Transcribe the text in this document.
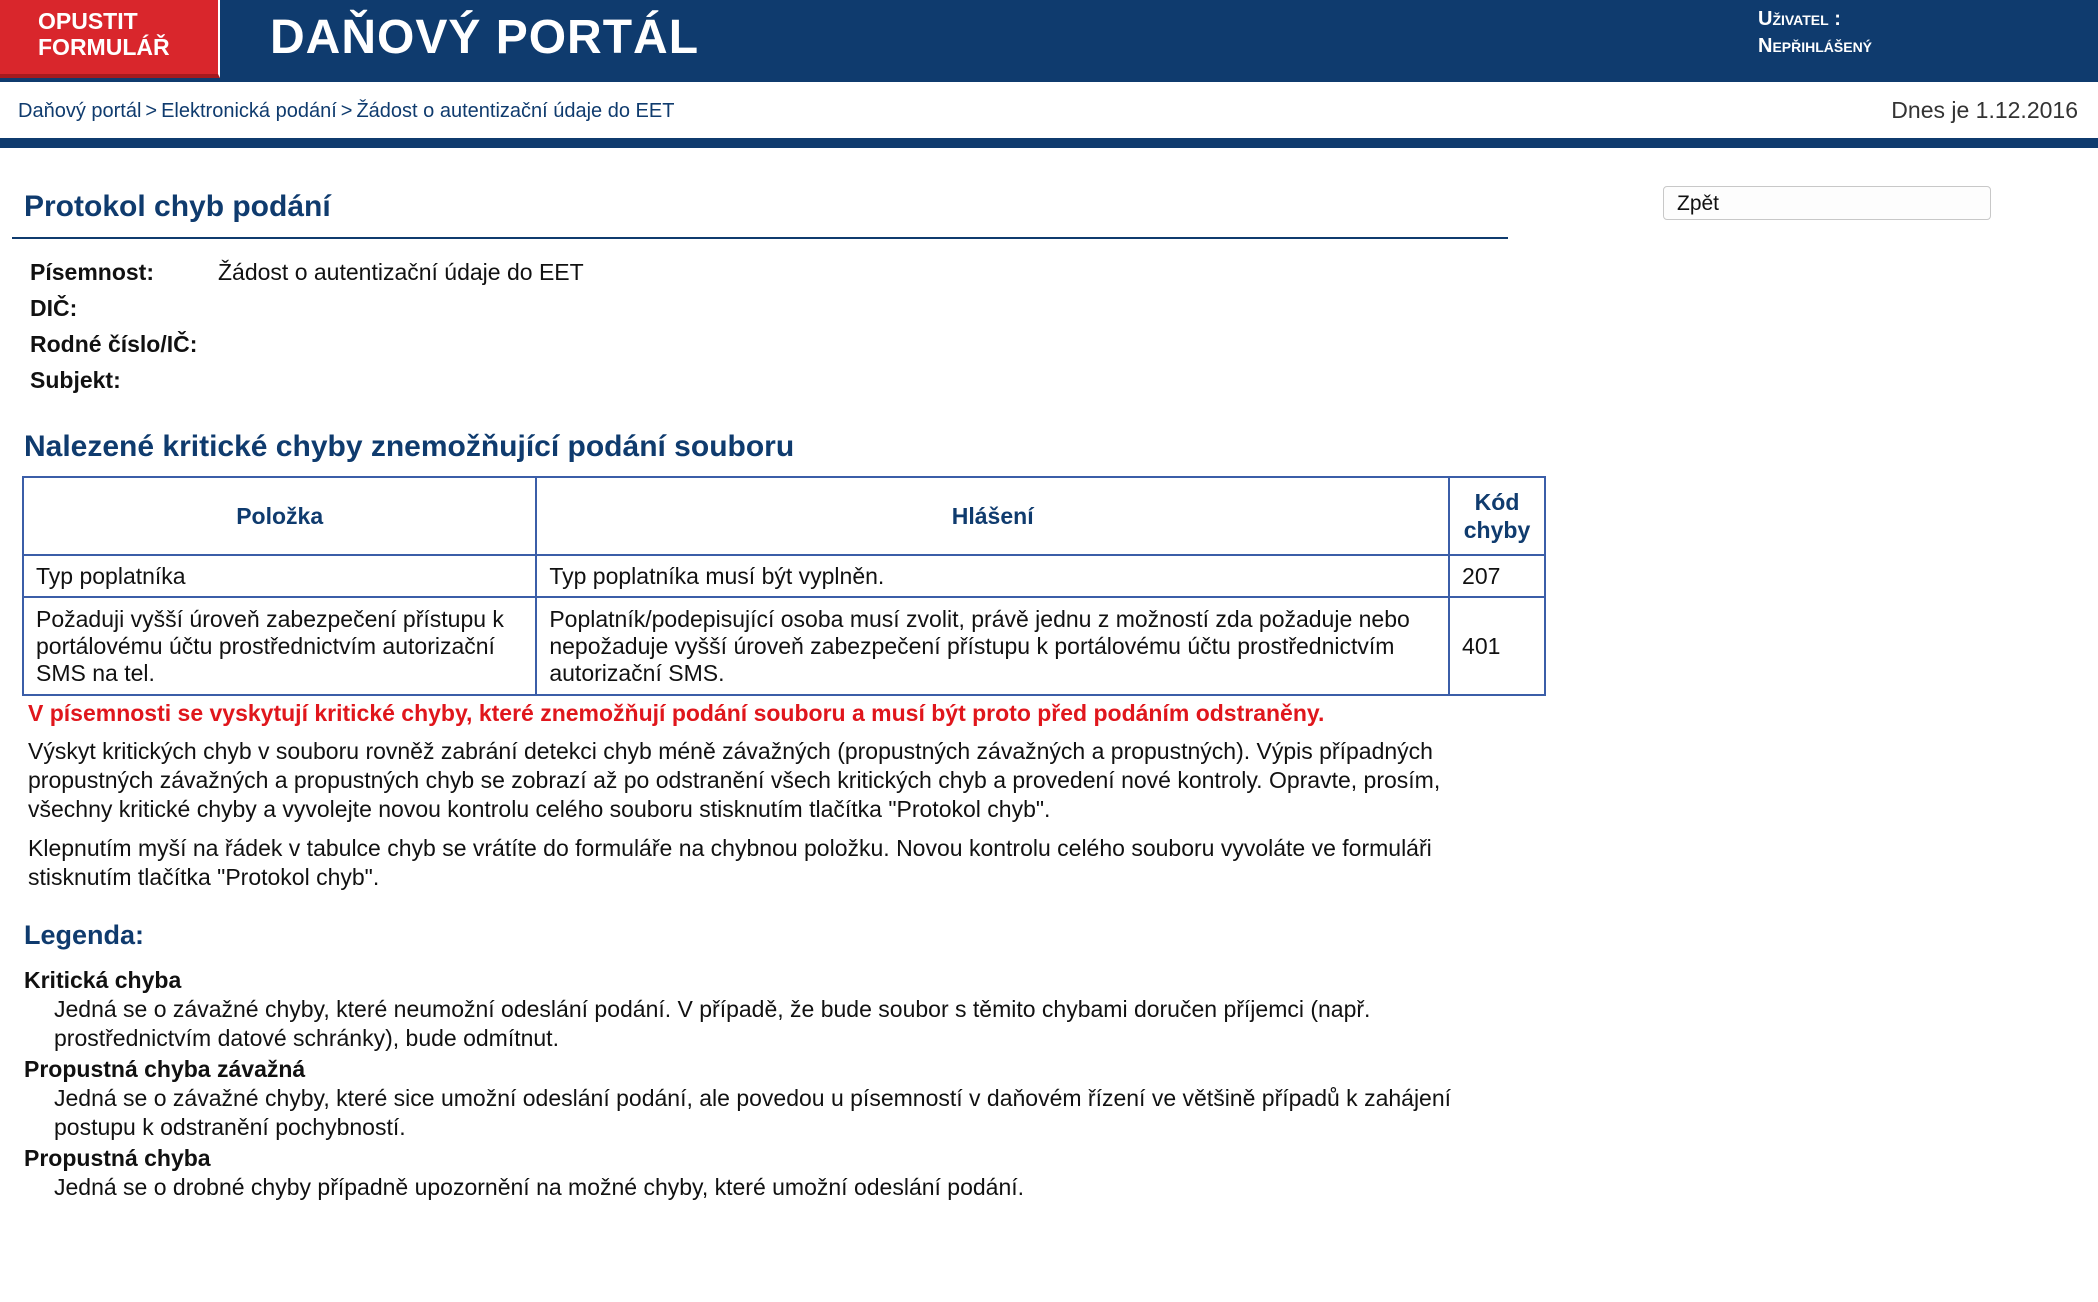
OPUSTIT
FORMULÁŘ	DAŇOVÝ PORTÁL	Uživatel :
Nepřihlášený
Daňový portál > Elektronická podání > Žádost o autentizační údaje do EET	Dnes je 1.12.2016
Zpět
Protokol chyb podání
Písemnost:	Žádost o autentizační údaje do EET
DIČ:
Rodné číslo/IČ:
Subjekt:
Nalezené kritické chyby znemožňující podání souboru
Položka	Hlášení	Kód chyby
Typ poplatníka	Typ poplatníka musí být vyplněn.	207
Požaduji vyšší úroveň zabezpečení přístupu k portálovému účtu prostřednictvím autorizační SMS na tel.	Poplatník/podepisující osoba musí zvolit, právě jednu z možností zda požaduje nebo nepožaduje vyšší úroveň zabezpečení přístupu k portálovému účtu prostřednictvím autorizační SMS.	401
V písemnosti se vyskytují kritické chyby, které znemožňují podání souboru a musí být proto před podáním odstraněny.

Výskyt kritických chyb v souboru rovněž zabrání detekci chyb méně závažných (propustných závažných a propustných). Výpis případných propustných závažných a propustných chyb se zobrazí až po odstranění všech kritických chyb a provedení nové kontroly. Opravte, prosím, všechny kritické chyby a vyvolejte novou kontrolu celého souboru stisknutím tlačítka "Protokol chyb".

Klepnutím myší na řádek v tabulce chyb se vrátíte do formuláře na chybnou položku. Novou kontrolu celého souboru vyvoláte ve formuláři stisknutím tlačítka "Protokol chyb".

Legenda:
Kritická chyba
Jedná se o závažné chyby, které neumožní odeslání podání. V případě, že bude soubor s těmito chybami doručen příjemci (např. prostřednictvím datové schránky), bude odmítnut.
Propustná chyba závažná
Jedná se o závažné chyby, které sice umožní odeslání podání, ale povedou u písemností v daňovém řízení ve většině případů k zahájení postupu k odstranění pochybností.
Propustná chyba
Jedná se o drobné chyby případně upozornění na možné chyby, které umožní odeslání podání.
